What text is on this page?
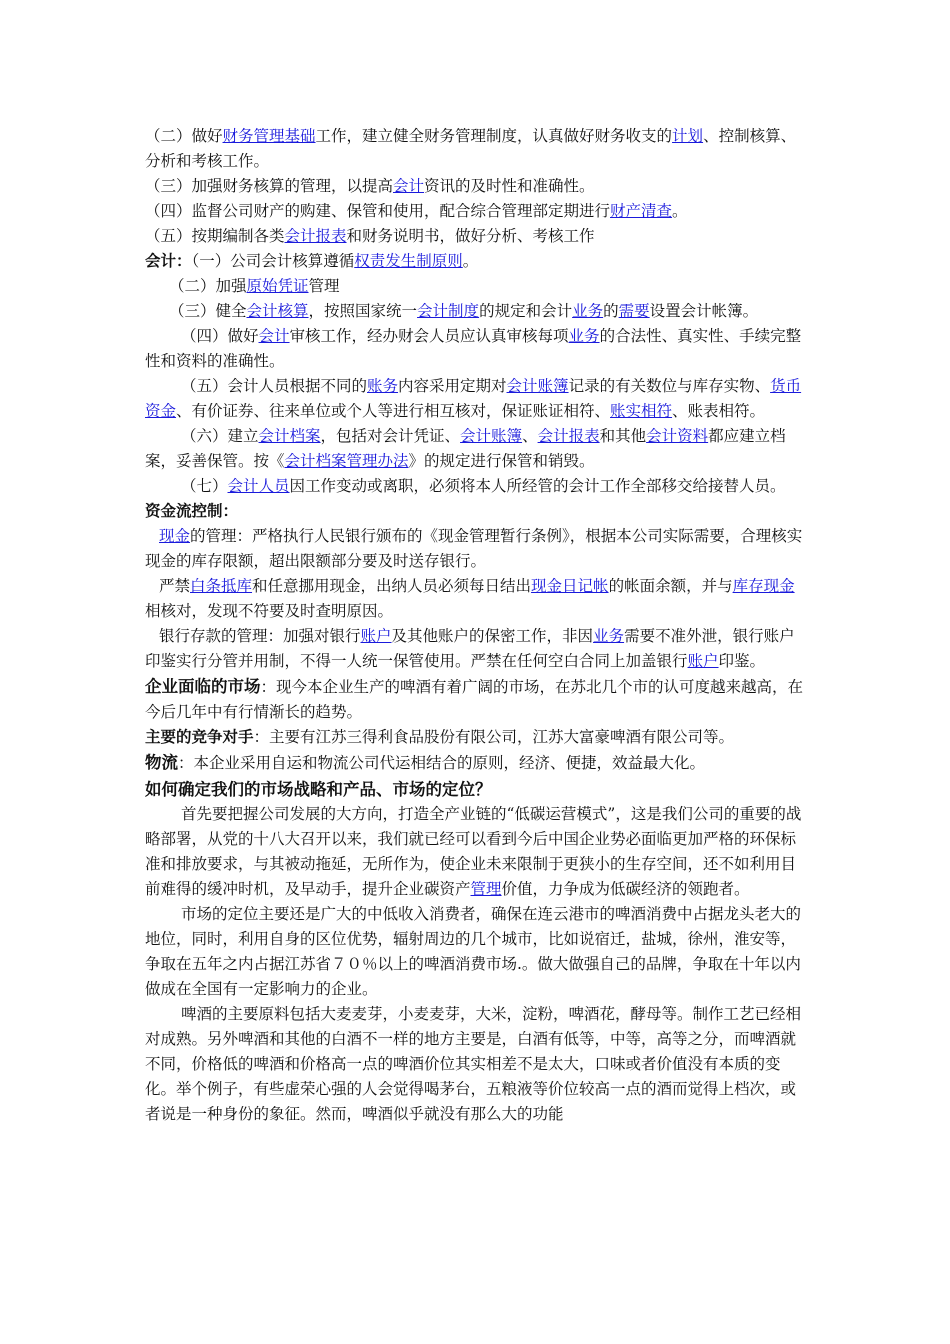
（二）做好财务管理基础工作，建立健全财务管理制度，认真做好财务收支的计划、控制核算、分析和考核工作。

（三）加强财务核算的管理，以提高会计资讯的及时性和准确性。

（四）监督公司财产的购建、保管和使用，配合综合管理部定期进行财产清查。

（五）按期编制各类会计报表和财务说明书，做好分析、考核工作

会计：（一）公司会计核算遵循权责发生制原则。

（二）加强原始凭证管理

（三）健全会计核算，按照国家统一会计制度的规定和会计业务的需要设置会计帐簿。

（四）做好会计审核工作，经办财会人员应认真审核每项业务的合法性、真实性、手续完整性和资料的准确性。

（五）会计人员根据不同的账务内容采用定期对会计账簿记录的有关数位与库存实物、货币资金、有价证券、往来单位或个人等进行相互核对，保证账证相符、账实相符、账表相符。

（六）建立会计档案，包括对会计凭证、会计账簿、会计报表和其他会计资料都应建立档案，妥善保管。按《会计档案管理办法》的规定进行保管和销毁。

（七）会计人员因工作变动或离职，必须将本人所经管的会计工作全部移交给接替人员。

资金流控制：

现金的管理：严格执行人民银行颁布的《现金管理暂行条例》，根据本公司实际需要，合理核实现金的库存限额，超出限额部分要及时送存银行。

严禁白条抵库和任意挪用现金，出纳人员必须每日结出现金日记帐的帐面余额，并与库存现金相核对，发现不符要及时查明原因。

银行存款的管理：加强对银行账户及其他账户的保密工作，非因业务需要不准外泄，银行账户印鉴实行分管并用制，不得一人统一保管使用。严禁在任何空白合同上加盖银行账户印鉴。

企业面临的市场：现今本企业生产的啤酒有着广阔的市场，在苏北几个市的认可度越来越高，在今后几年中有行情渐长的趋势。

主要的竞争对手：主要有江苏三得利食品股份有限公司，江苏大富豪啤酒有限公司等。

物流：本企业采用自运和物流公司代运相结合的原则，经济、便捷，效益最大化。

如何确定我们的市场战略和产品、市场的定位？

首先要把握公司发展的大方向，打造全产业链的“低碳运营模式”，这是我们公司的重要的战略部署，从党的十八大召开以来，我们就已经可以看到今后中国企业势必面临更加严格的环保标准和排放要求，与其被动拖延，无所作为，使企业未来限制于更狭小的生存空间，还不如利用目前难得的缓冲时机，及早动手，提升企业碳资产管理价值，力争成为低碳经济的领跑者。

市场的定位主要还是广大的中低收入消费者，确保在连云港市的啤酒消费中占据龙头老大的地位，同时，利用自身的区位优势，辐射周边的几个城市，比如说宿迁，盐城，徐州，淮安等，争取在五年之内占据江苏省７０％以上的啤酒消费市场.。做大做强自己的品牌，争取在十年以内做成在全国有一定影响力的企业。

啤酒的主要原料包括大麦麦芽，小麦麦芽，大米，淀粉，啤酒花，酵母等。制作工艺已经相对成熟。另外啤酒和其他的白酒不一样的地方主要是，白酒有低等，中等，高等之分，而啤酒就不同，价格低的啤酒和价格高一点的啤酒价位其实相差不是太大，口味或者价值没有本质的变化。举个例子，有些虚荣心强的人会觉得喝茅台，五粮液等价位较高一点的酒而觉得上档次，或者说是一种身份的象征。然而，啤酒似乎就没有那么大的功能
